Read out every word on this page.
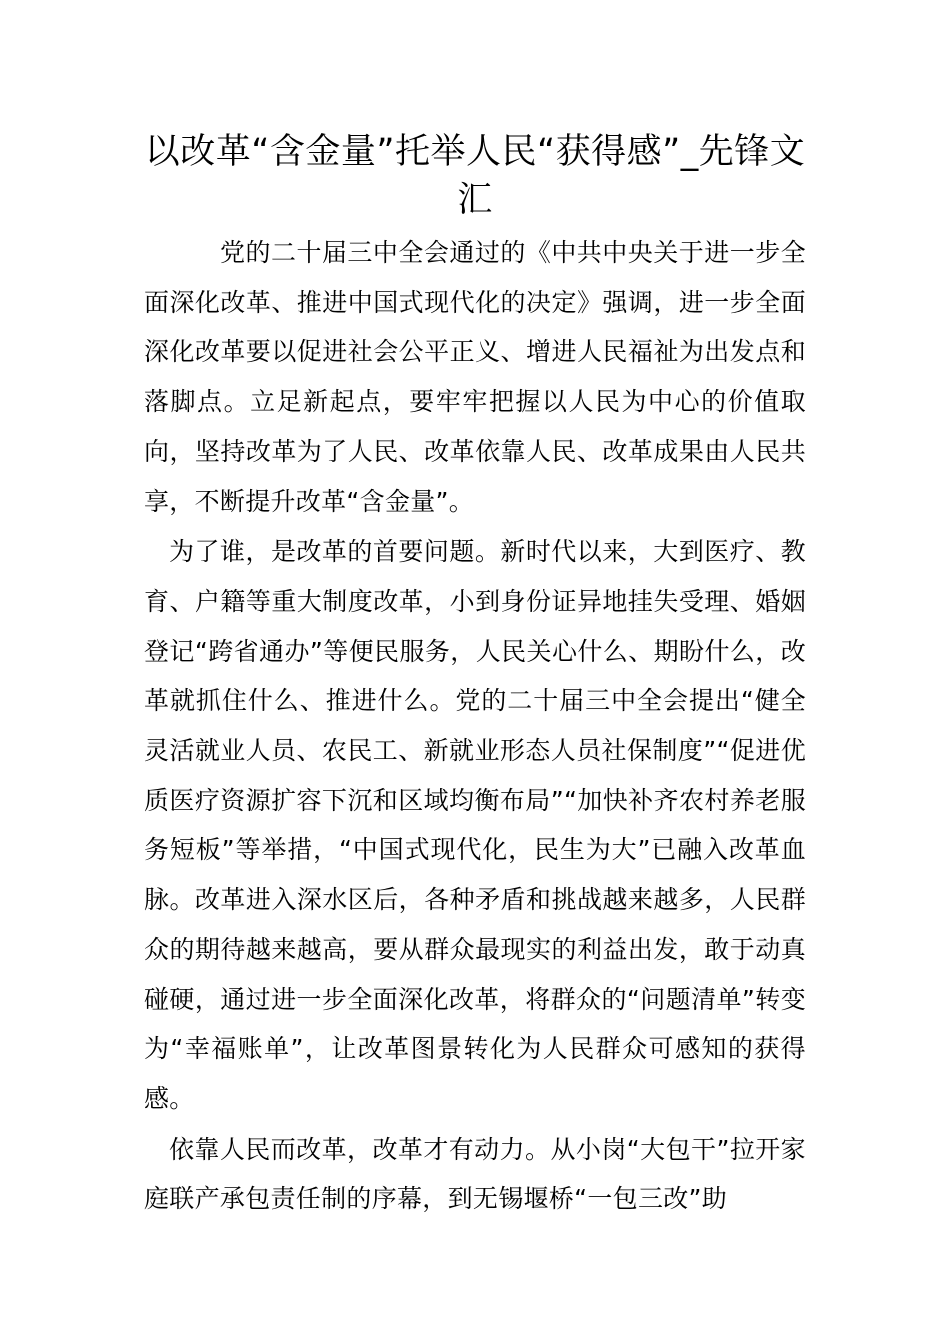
以改革“含金量”托举人民“获得感”_先锋文汇

党的二十届三中全会通过的《中共中央关于进一步全面深化改革、推进中国式现代化的决定》强调，进一步全面深化改革要以促进社会公平正义、增进人民福祉为出发点和落脚点。立足新起点，要牢牢把握以人民为中心的价值取向，坚持改革为了人民、改革依靠人民、改革成果由人民共享，不断提升改革“含金量”。

为了谁，是改革的首要问题。新时代以来，大到医疗、教育、户籍等重大制度改革，小到身份证异地挂失受理、婚姻登记“跨省通办”等便民服务，人民关心什么、期盼什么，改革就抓住什么、推进什么。党的二十届三中全会提出“健全灵活就业人员、农民工、新就业形态人员社保制度”“促进优质医疗资源扩容下沉和区域均衡布局”“加快补齐农村养老服务短板”等举措，“中国式现代化，民生为大”已融入改革血脉。改革进入深水区后，各种矛盾和挑战越来越多，人民群众的期待越来越高，要从群众最现实的利益出发，敢于动真碰硬，通过进一步全面深化改革，将群众的“问题清单”转变为“幸福账单”，让改革图景转化为人民群众可感知的获得感。

依靠人民而改革，改革才有动力。从小岗“大包干”拉开家庭联产承包责任制的序幕，到无锡堰桥“一包三改”助
